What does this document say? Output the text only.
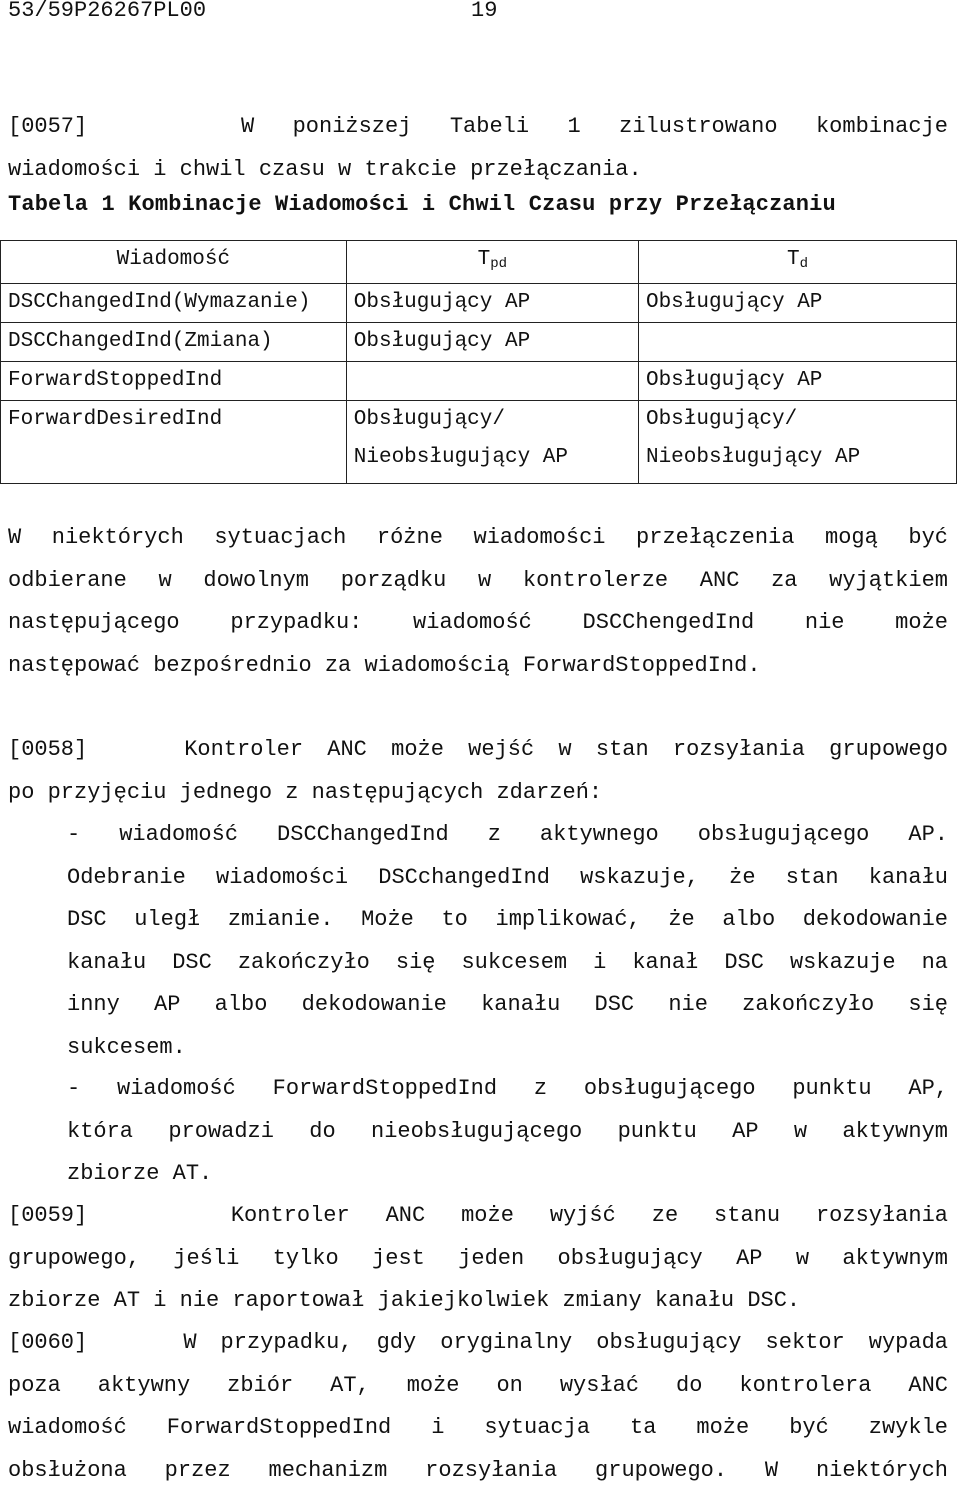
53/59P26267PL00	19
[0057]	W poniższej Tabeli 1 zilustrowano kombinacje
wiadomości i chwil czasu w trakcie przełączania.
Tabela 1 Kombinacje Wiadomości i Chwil Czasu przy Przełączaniu
Wiadomość	$T_{pd}$	$T_d$
DSCChangedInd(Wymazanie)	Obsługujący AP	Obsługujący AP
DSCChangedInd(Zmiana)	Obsługujący AP	
ForwardStoppedInd		Obsługujący AP
ForwardDesiredInd	Obsługujący/	Obsługujący/
	Nieobsługujący AP	Nieobsługujący AP
W niektórych sytuacjach różne wiadomości przełączenia mogą być
odbierane w dowolnym porządku w kontrolerze ANC za wyjątkiem
następującego przypadku: wiadomość DSCChengedInd nie może
następować bezpośrednio za wiadomością ForwardStoppedInd.
[0058]	Kontroler ANC może wejść w stan rozsyłania grupowego
po przyjęciu jednego z następujących zdarzeń:
- wiadomość DSCChangedInd z aktywnego obsługującego AP.
Odebranie wiadomości DSCchangedInd wskazuje, że stan kanału
DSC uległ zmianie. Może to implikować, że albo dekodowanie
kanału DSC zakończyło się sukcesem i kanał DSC wskazuje na
inny AP albo dekodowanie kanału DSC nie zakończyło się
sukcesem.
- wiadomość ForwardStoppedInd z obsługującego punktu AP,
która prowadzi do nieobsługującego punktu AP w aktywnym
zbiorze AT.
[0059]	Kontroler ANC może wyjść ze stanu rozsyłania
grupowego, jeśli tylko jest jeden obsługujący AP w aktywnym
zbiorze AT i nie raportował jakiejkolwiek zmiany kanału DSC.
[0060]	W przypadku, gdy oryginalny obsługujący sektor wypada
poza aktywny zbiór AT, może on wysłać do kontrolera ANC
wiadomość ForwardStoppedInd i sytuacja ta może być zwykle
obsłużona przez mechanizm rozsyłania grupowego. W niektórych
